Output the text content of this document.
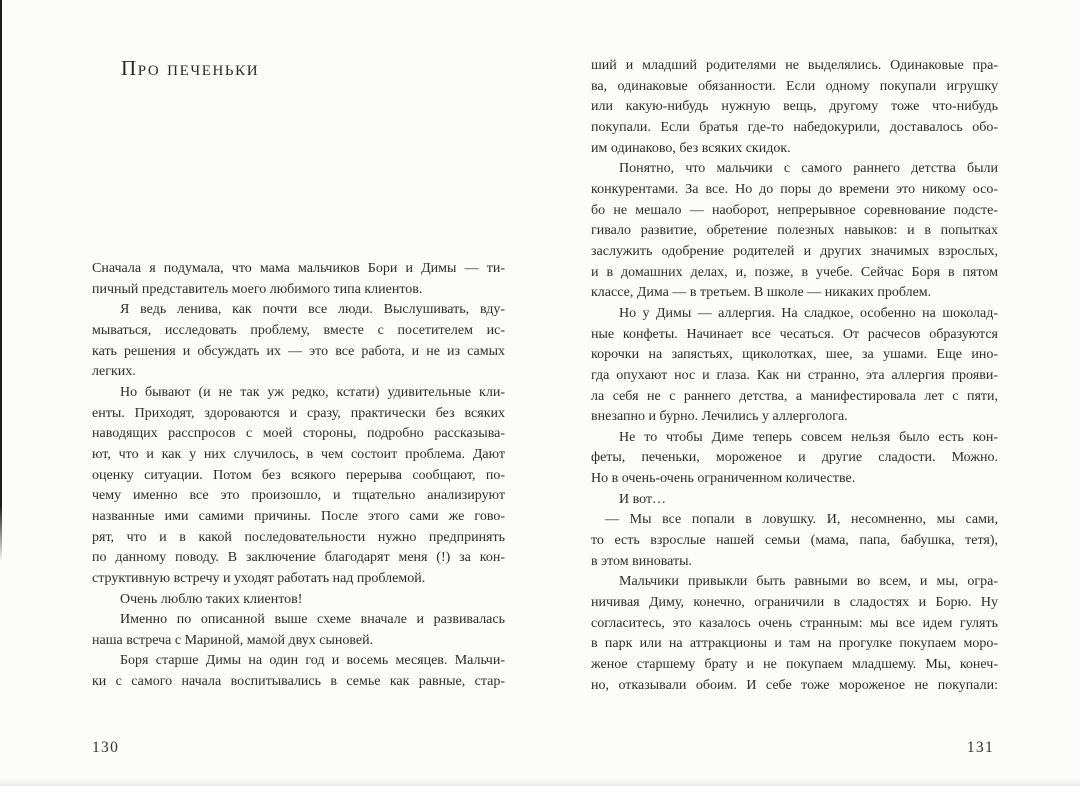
Про печеньки
Сначала я подумала, что мама мальчиков Бори и Димы — ти-
пичный представитель моего любимого типа клиентов.
Я ведь ленива, как почти все люди. Выслушивать, вду-
мываться, исследовать проблему, вместе с посетителем ис-
кать решения и обсуждать их — это все работа, и не из самых
легких.
Но бывают (и не так уж редко, кстати) удивительные кли-
енты. Приходят, здороваются и сразу, практически без всяких
наводящих расспросов с моей стороны, подробно рассказыва-
ют, что и как у них случилось, в чем состоит проблема. Дают
оценку ситуации. Потом без всякого перерыва сообщают, по-
чему именно все это произошло, и тщательно анализируют
названные ими самими причины. После этого сами же гово-
рят, что и в какой последовательности нужно предпринять
по данному поводу. В заключение благодарят меня (!) за кон-
структивную встречу и уходят работать над проблемой.
Очень люблю таких клиентов!
Именно по описанной выше схеме вначале и развивалась
наша встреча с Мариной, мамой двух сыновей.
Боря старше Димы на один год и восемь месяцев. Мальчи-
ки с самого начала воспитывались в семье как равные, стар-
130
ший и младший родителями не выделялись. Одинаковые пра-
ва, одинаковые обязанности. Если одному покупали игрушку
или какую-нибудь нужную вещь, другому тоже что-нибудь
покупали. Если братья где-то набедокурили, доставалось обо-
им одинаково, без всяких скидок.
Понятно, что мальчики с самого раннего детства были
конкурентами. За все. Но до поры до времени это никому осо-
бо не мешало — наоборот, непрерывное соревнование подсте-
гивало развитие, обретение полезных навыков: и в попытках
заслужить одобрение родителей и других значимых взрослых,
и в домашних делах, и, позже, в учебе. Сейчас Боря в пятом
классе, Дима — в третьем. В школе — никаких проблем.
Но у Димы — аллергия. На сладкое, особенно на шоколад-
ные конфеты. Начинает все чесаться. От расчесов образуются
корочки на запястьях, щиколотках, шее, за ушами. Еще ино-
гда опухают нос и глаза. Как ни странно, эта аллергия прояви-
ла себя не с раннего детства, а манифестировала лет с пяти,
внезапно и бурно. Лечились у аллерголога.
Не то чтобы Диме теперь совсем нельзя было есть кон-
феты, печеньки, мороженое и другие сладости. Можно.
Но в очень-очень ограниченном количестве.
И вот…
— Мы все попали в ловушку. И, несомненно, мы сами,
то есть взрослые нашей семьи (мама, папа, бабушка, тетя),
в этом виноваты.
Мальчики привыкли быть равными во всем, и мы, огра-
ничивая Диму, конечно, ограничили в сладостях и Борю. Ну
согласитесь, это казалось очень странным: мы все идем гулять
в парк или на аттракционы и там на прогулке покупаем моро-
женое старшему брату и не покупаем младшему. Мы, конеч-
но, отказывали обоим. И себе тоже мороженое не покупали:
131
